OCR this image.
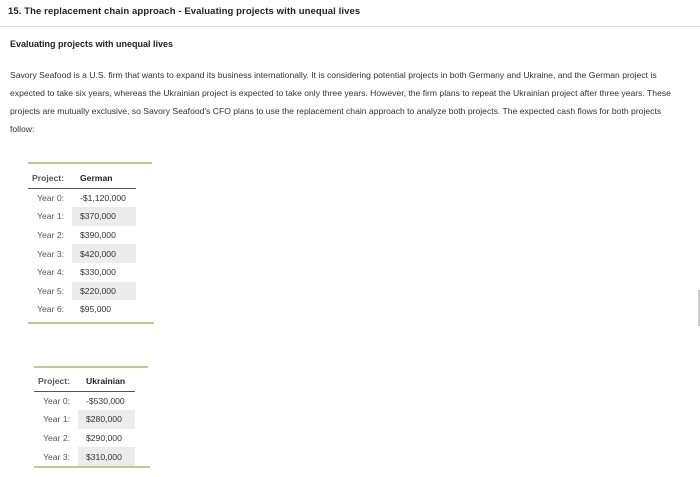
15. The replacement chain approach - Evaluating projects with unequal lives
Evaluating projects with unequal lives
Savory Seafood is a U.S. firm that wants to expand its business internationally. It is considering potential projects in both Germany and Ukraine, and the German project is expected to take six years, whereas the Ukrainian project is expected to take only three years. However, the firm plans to repeat the Ukrainian project after three years. These projects are mutually exclusive, so Savory Seafood's CFO plans to use the replacement chain approach to analyze both projects. The expected cash flows for both projects follow:
Project:	German
Year 0:	-$1,120,000
Year 1:	$370,000
Year 2:	$390,000
Year 3:	$420,000
Year 4:	$330,000
Year 5:	$220,000
Year 6:	$95,000
Project:	Ukrainian
Year 0:	-$530,000
Year 1:	$280,000
Year 2:	$290,000
Year 3:	$310,000
